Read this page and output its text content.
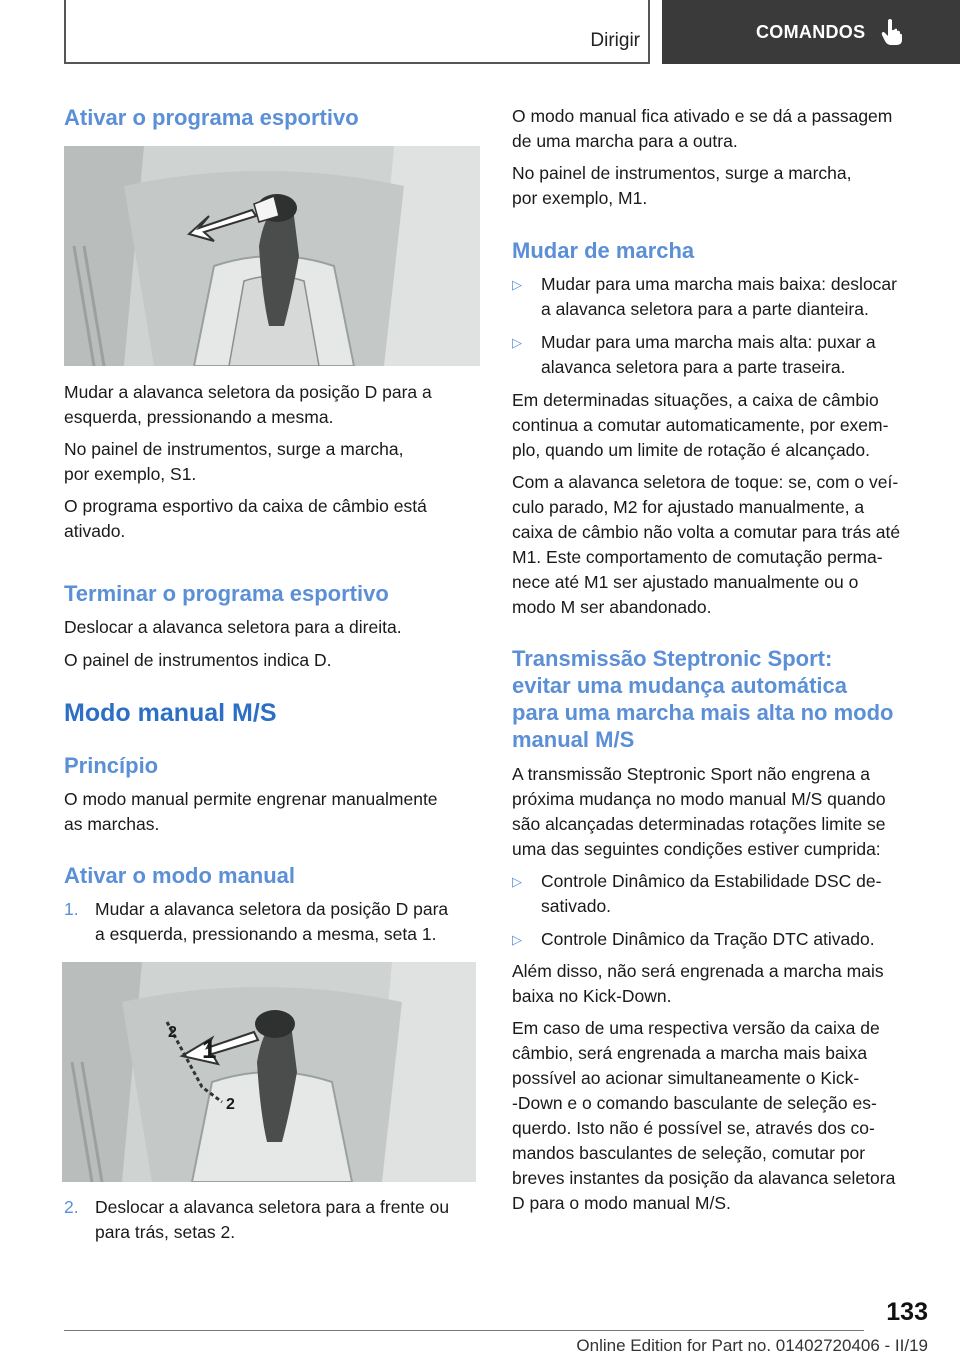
Dirigir	COMANDOS
Ativar o programa esportivo

Mudar a alavanca seletora da posição D para a

esquerda, pressionando a mesma.

No painel de instrumentos, surge a marcha,

por exemplo, S1.

O programa esportivo da caixa de câmbio está

ativado.

Terminar o programa esportivo

Deslocar a alavanca seletora para a direita.

O painel de instrumentos indica D.

Modo manual M/S
Princípio

O modo manual permite engrenar manualmente

as marchas.

Ativar o modo manual
1. Mudar a alavanca seletora da posição D para
a esquerda, pressionando a mesma, seta 1.
1
2
2
2. Deslocar a alavanca seletora para a frente ou
para trás, setas 2.

O modo manual fica ativado e se dá a passagem

de uma marcha para a outra.

No painel de instrumentos, surge a marcha,

por exemplo, M1.

Mudar de marcha
▷ Mudar para uma marcha mais baixa: deslocar
a alavanca seletora para a parte dianteira.
▷ Mudar para uma marcha mais alta: puxar a
alavanca seletora para a parte traseira.

Em determinadas situações, a caixa de câmbio

continua a comutar automaticamente, por exem-

plo, quando um limite de rotação é alcançado.

Com a alavanca seletora de toque: se, com o veí-

culo parado, M2 for ajustado manualmente, a

caixa de câmbio não volta a comutar para trás até

M1. Este comportamento de comutação perma-

nece até M1 ser ajustado manualmente ou o

modo M ser abandonado.

Transmissão Steptronic Sport:
evitar uma mudança automática
para uma marcha mais alta no modo
manual M/S

A transmissão Steptronic Sport não engrena a

próxima mudança no modo manual M/S quando

são alcançadas determinadas rotações limite se

uma das seguintes condições estiver cumprida:

▷ Controle Dinâmico da Estabilidade DSC de-
sativado.
▷ Controle Dinâmico da Tração DTC ativado.

Além disso, não será engrenada a marcha mais

baixa no Kick-Down.

Em caso de uma respectiva versão da caixa de

câmbio, será engrenada a marcha mais baixa

possível ao acionar simultaneamente o Kick-

-Down e o comando basculante de seleção es-

querdo. Isto não é possível se, através dos co-

mandos basculantes de seleção, comutar por

breves instantes da posição da alavanca seletora

D para o modo manual M/S.

133
Online Edition for Part no. 01402720406 - II/19
